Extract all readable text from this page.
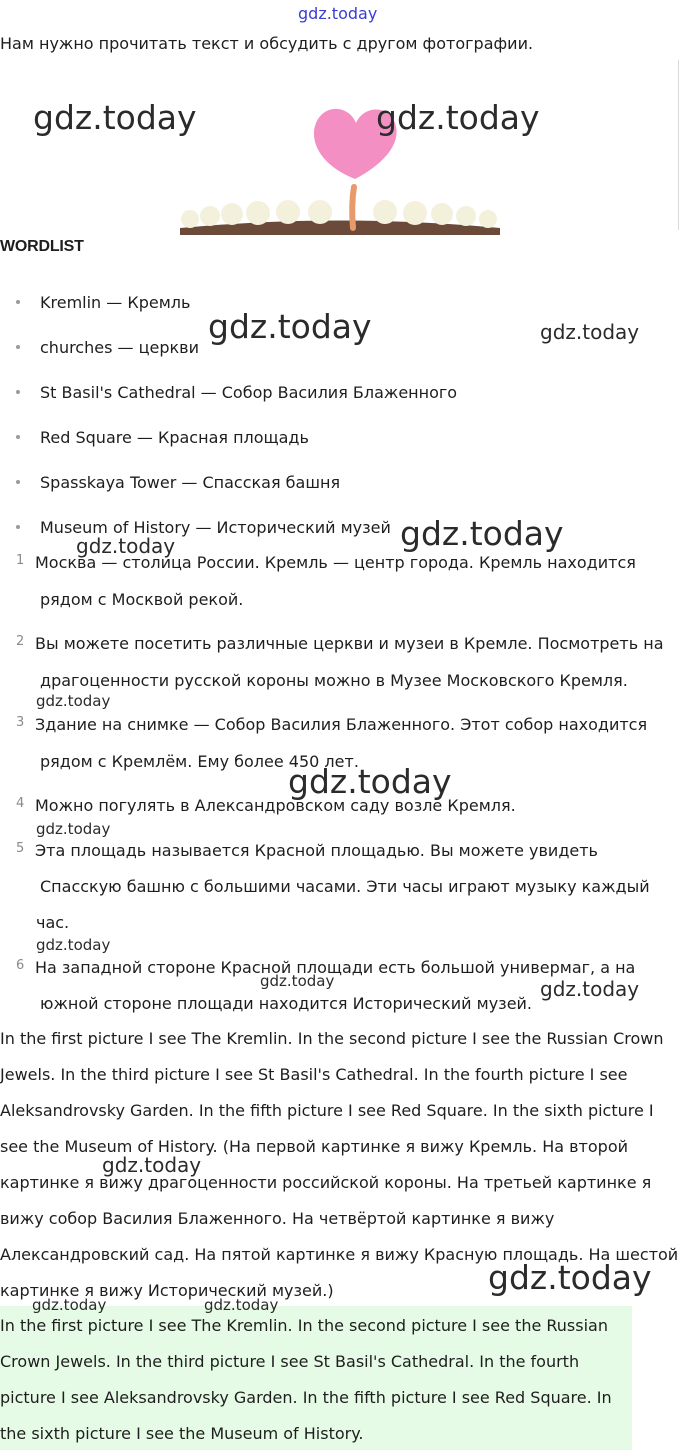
gdz.today
Нам нужно прочитать текст и обсудить с другом фотографии.
WORDLIST
Kremlin — Кремль
churches — церкви
St Basil's Cathedral — Собор Василия Блаженного
Red Square — Красная площадь
Spasskaya Tower — Спасская башня
Museum of History — Исторический музей
1 Москва — столица России. Кремль — центр города. Кремль находится
рядом с Москвой рекой.
2 Вы можете посетить различные церкви и музеи в Кремле. Посмотреть на
драгоценности русской короны можно в Музее Московского Кремля.
3 Здание на снимке — Собор Василия Блаженного. Этот собор находится
рядом с Кремлём. Ему более 450 лет.
4 Можно погулять в Александровском саду возле Кремля.
5 Эта площадь называется Красной площадью. Вы можете увидеть
Спасскую башню с большими часами. Эти часы играют музыку каждый
час.
6 На западной стороне Красной площади есть большой универмаг, а на
южной стороне площади находится Исторический музей.
In the first picture I see The Kremlin. In the second picture I see the Russian Crown
Jewels. In the third picture I see St Basil's Cathedral. In the fourth picture I see
Aleksandrovsky Garden. In the fifth picture I see Red Square. In the sixth picture I
see the Museum of History. (На первой картинке я вижу Кремль. На второй
картинке я вижу драгоценности российской короны. На третьей картинке я
вижу собор Василия Блаженного. На четвёртой картинке я вижу
Александровский сад. На пятой картинке я вижу Красную площадь. На шестой
картинке я вижу Исторический музей.)
In the first picture I see The Kremlin. In the second picture I see the Russian
Crown Jewels. In the third picture I see St Basil's Cathedral. In the fourth
picture I see Aleksandrovsky Garden. In the fifth picture I see Red Square. In
the sixth picture I see the Museum of History.
gdz.today	gdz.today
gdz.today	gdz.today
gdz.today
gdz.today
gdz.today
gdz.today
gdz.today
gdz.today
gdz.today	gdz.today
gdz.today
gdz.today
gdz.today	gdz.today
